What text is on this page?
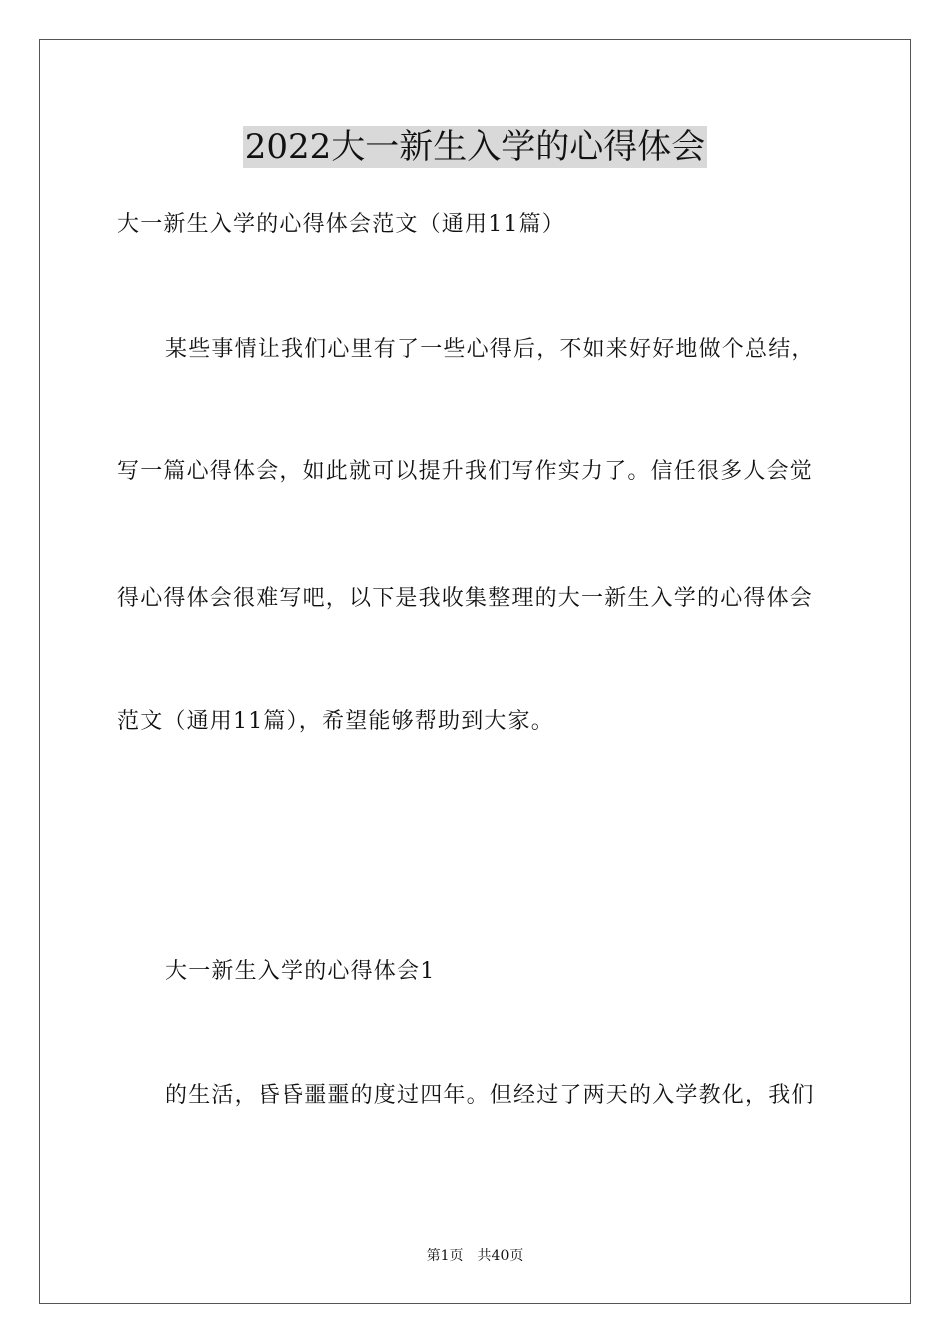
2022大一新生入学的心得体会
大一新生入学的心得体会范文（通用11篇）
某些事情让我们心里有了一些心得后，不如来好好地做个总结，
写一篇心得体会，如此就可以提升我们写作实力了。信任很多人会觉
得心得体会很难写吧，以下是我收集整理的大一新生入学的心得体会
范文（通用11篇），希望能够帮助到大家。
大一新生入学的心得体会1
的生活，昏昏噩噩的度过四年。但经过了两天的入学教化，我们
第1页 共40页
